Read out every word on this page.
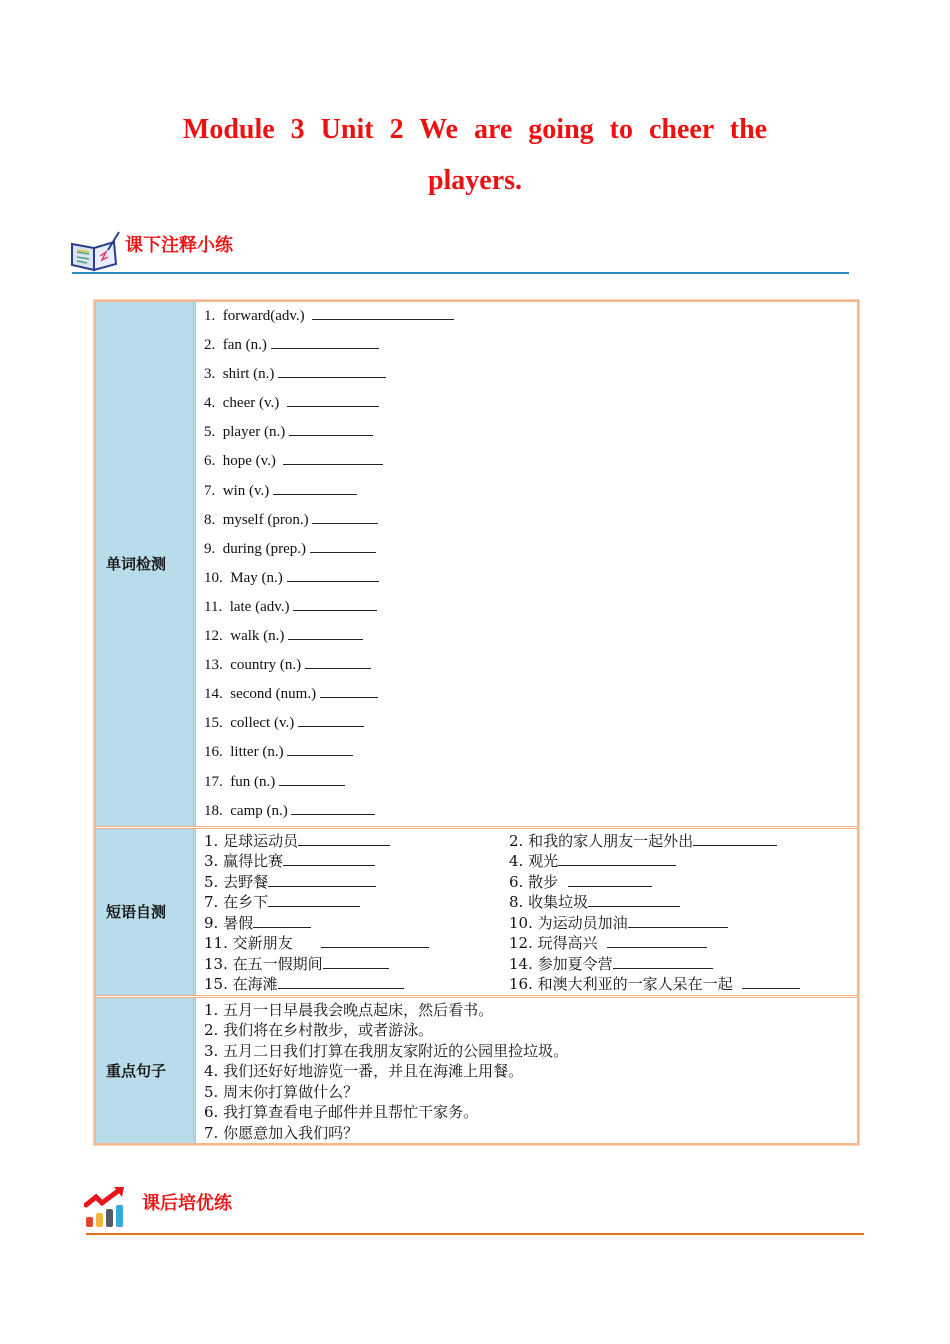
Module 3 Unit 2 We are going to cheer the
players.
课下注释小练
单词检测
1.  forward(adv.)
2.  fan (n.)
3.  shirt (n.)
4.  cheer (v.)
5.  player (n.)
6.  hope (v.)
7.  win (v.)
8.  myself (pron.)
9.  during (prep.)
10.  May (n.)
11.  late (adv.)
12.  walk (n.)
13.  country (n.)
14.  second (num.)
15.  collect (v.)
16.  litter (n.)
17.  fun (n.)
18.  camp (n.)
短语自测
1. 足球运动员	2. 和我的家人朋友一起外出
3. 赢得比赛	4. 观光
5. 去野餐	6. 散步
7. 在乡下	8. 收集垃圾
9. 暑假	10. 为运动员加油
11. 交新朋友	12. 玩得高兴
13. 在五一假期间	14. 参加夏令营
15. 在海滩	16. 和澳大利亚的一家人呆在一起
重点句子
1. 五月一日早晨我会晚点起床，然后看书。
2. 我们将在乡村散步，或者游泳。
3. 五月二日我们打算在我朋友家附近的公园里捡垃圾。
4. 我们还好好地游览一番，并且在海滩上用餐。
5. 周末你打算做什么？
6. 我打算查看电子邮件并且帮忙干家务。
7. 你愿意加入我们吗？
课后培优练
